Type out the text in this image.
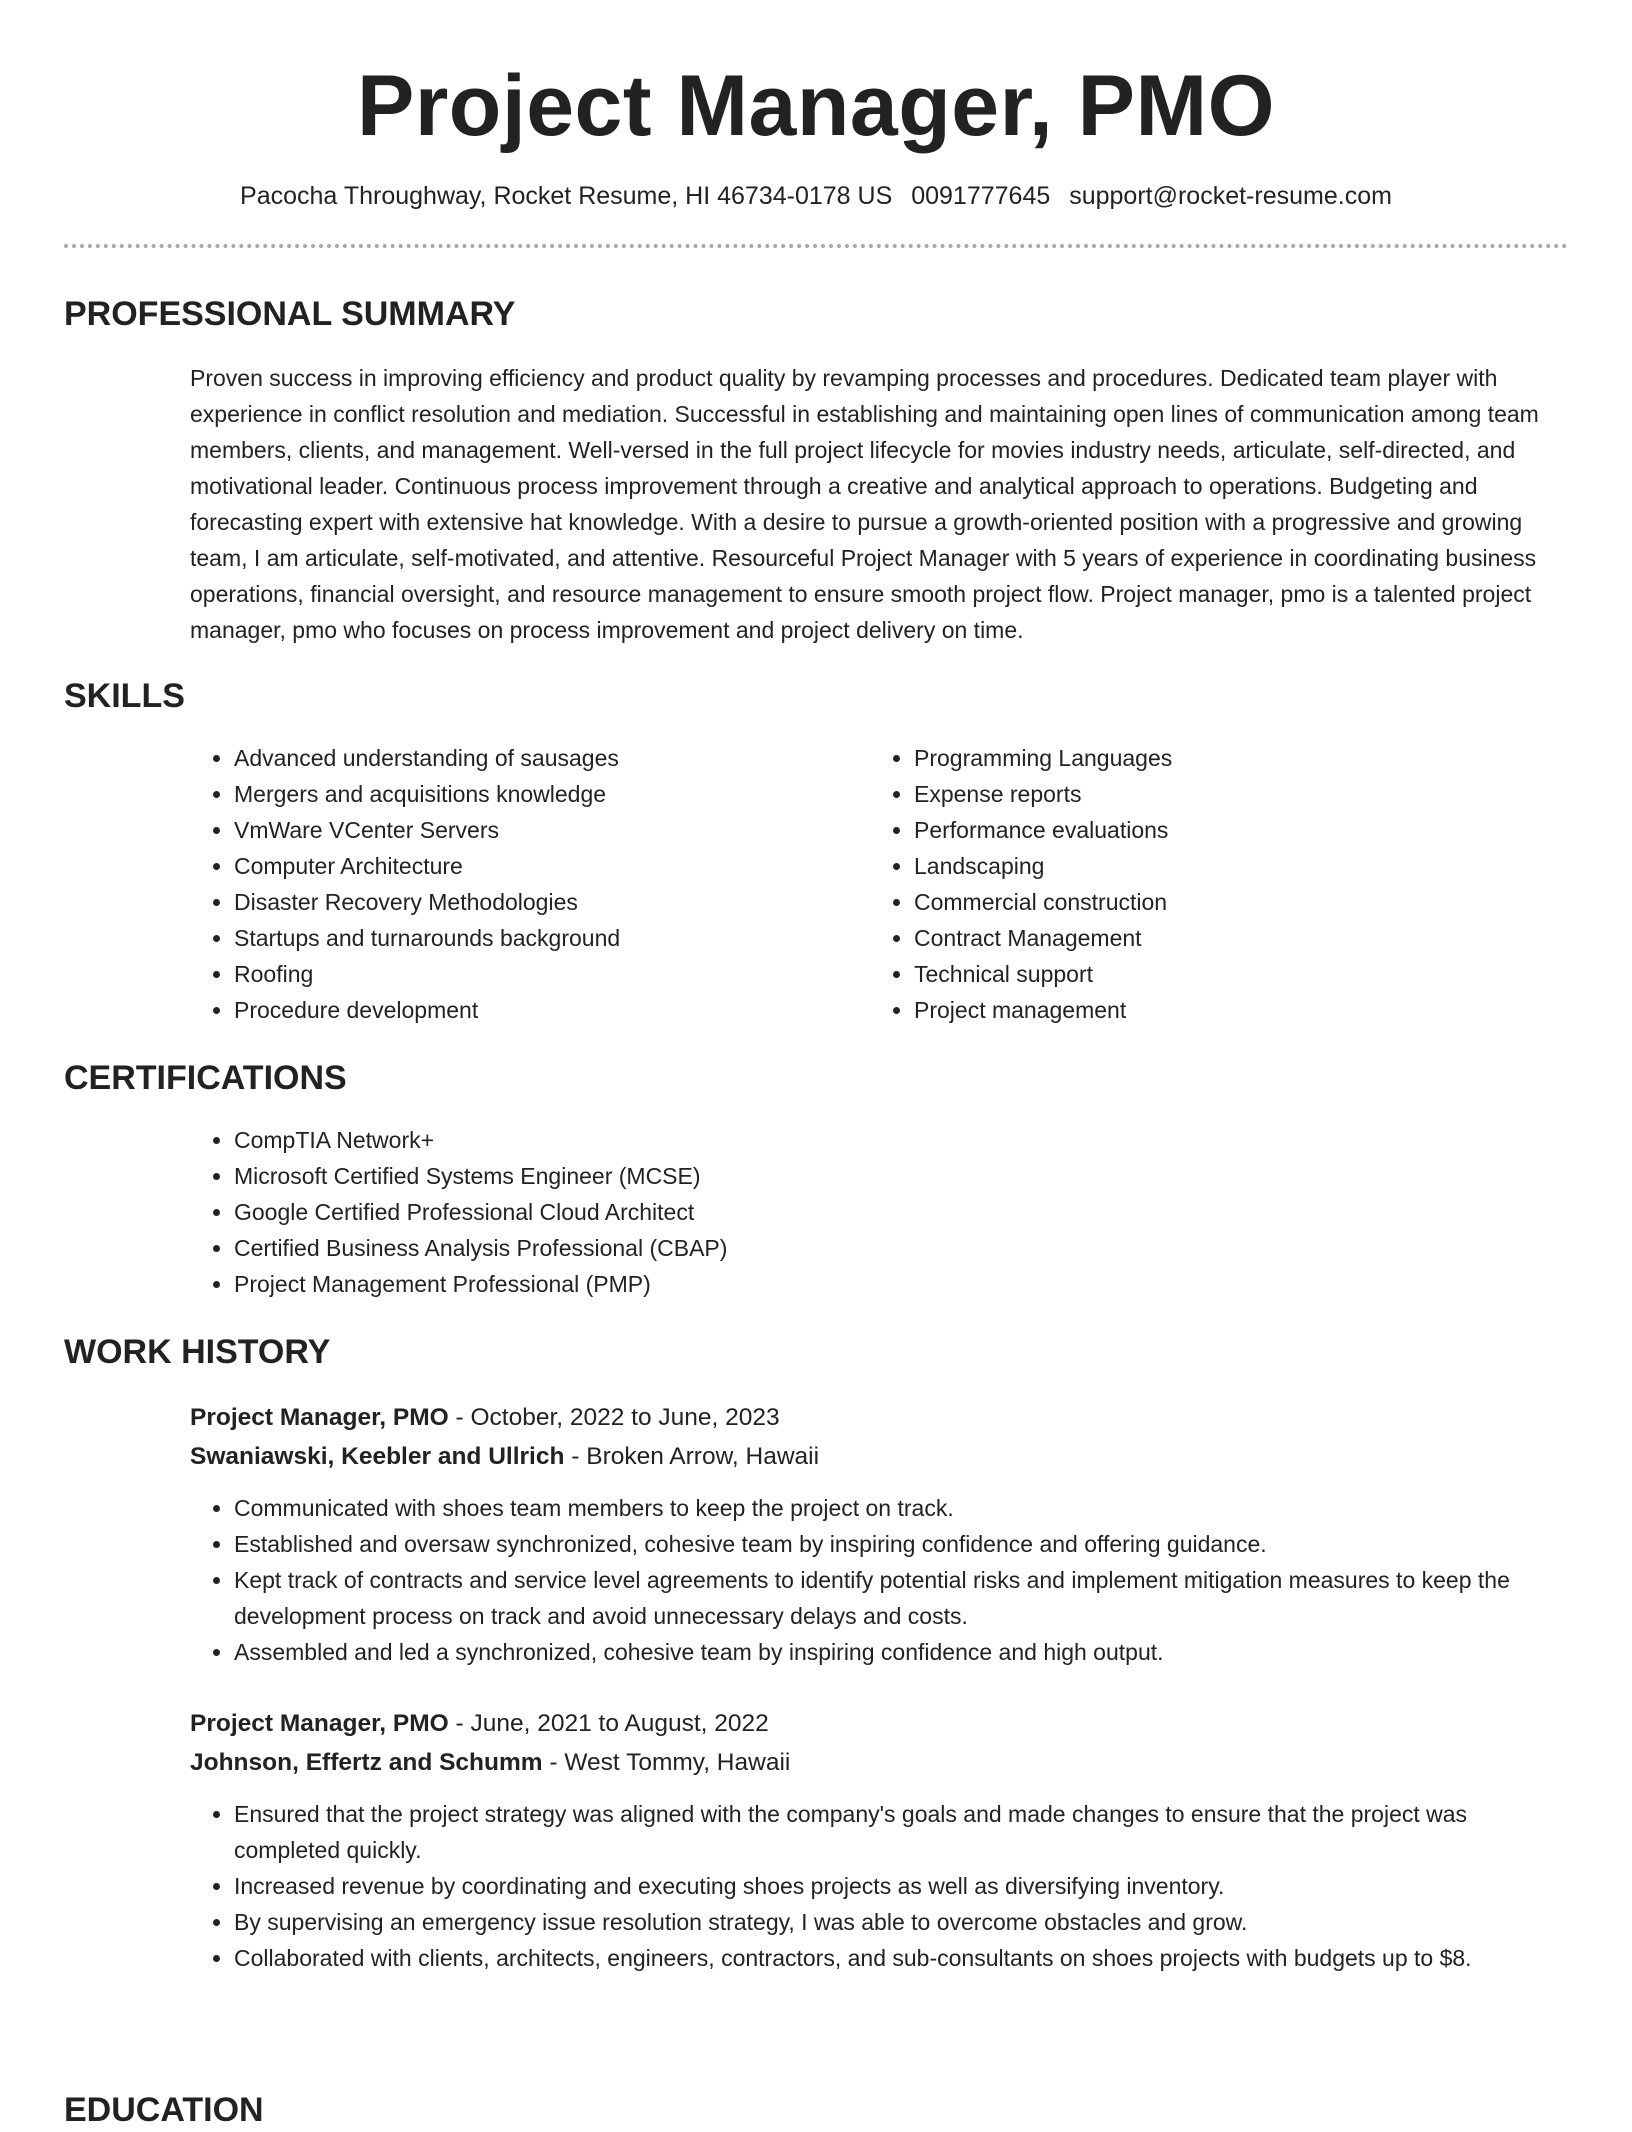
Project Manager, PMO
Pacocha Throughway, Rocket Resume, HI 46734-0178 US 0091777645 support@rocket-resume.com
PROFESSIONAL SUMMARY

Proven success in improving efficiency and product quality by revamping processes and procedures. Dedicated team player with experience in conflict resolution and mediation. Successful in establishing and maintaining open lines of communication among team members, clients, and management. Well-versed in the full project lifecycle for movies industry needs, articulate, self-directed, and motivational leader. Continuous process improvement through a creative and analytical approach to operations. Budgeting and forecasting expert with extensive hat knowledge. With a desire to pursue a growth-oriented position with a progressive and growing team, I am articulate, self-motivated, and attentive. Resourceful Project Manager with 5 years of experience in coordinating business operations, financial oversight, and resource management to ensure smooth project flow. Project manager, pmo is a talented project manager, pmo who focuses on process improvement and project delivery on time.

SKILLS
• Advanced understanding of sausages
• Mergers and acquisitions knowledge
• VmWare VCenter Servers
• Computer Architecture
• Disaster Recovery Methodologies
• Startups and turnarounds background
• Roofing
• Procedure development
• Programming Languages
• Expense reports
• Performance evaluations
• Landscaping
• Commercial construction
• Contract Management
• Technical support
• Project management
CERTIFICATIONS
• CompTIA Network+
• Microsoft Certified Systems Engineer (MCSE)
• Google Certified Professional Cloud Architect
• Certified Business Analysis Professional (CBAP)
• Project Management Professional (PMP)
WORK HISTORY
Project Manager, PMO - October, 2022 to June, 2023
Swaniawski, Keebler and Ullrich - Broken Arrow, Hawaii
• Communicated with shoes team members to keep the project on track.
• Established and oversaw synchronized, cohesive team by inspiring confidence and offering guidance.
• Kept track of contracts and service level agreements to identify potential risks and implement mitigation measures to keep the development process on track and avoid unnecessary delays and costs.
• Assembled and led a synchronized, cohesive team by inspiring confidence and high output.
Project Manager, PMO - June, 2021 to August, 2022
Johnson, Effertz and Schumm - West Tommy, Hawaii
• Ensured that the project strategy was aligned with the company's goals and made changes to ensure that the project was completed quickly.
• Increased revenue by coordinating and executing shoes projects as well as diversifying inventory.
• By supervising an emergency issue resolution strategy, I was able to overcome obstacles and grow.
• Collaborated with clients, architects, engineers, contractors, and sub-consultants on shoes projects with budgets up to $8.
EDUCATION
